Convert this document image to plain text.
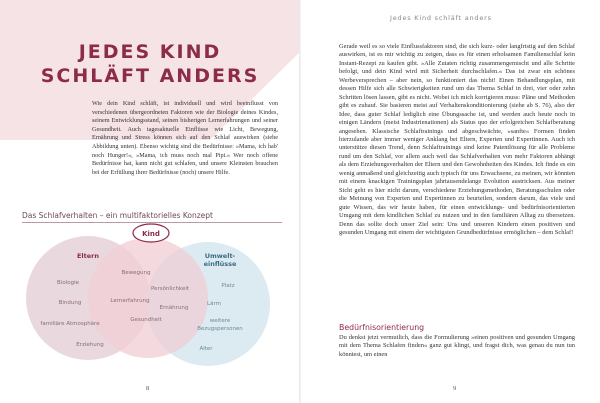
JEDES KIND
SCHLÄFT ANDERS

Wie dein Kind schläft, ist individuell und wird beeinflusst von verschiedenen übergeordneten Faktoren wie der Biologie deines Kindes, seinem Entwicklungsstand, seinen bisherigen Lernerfahrungen und seiner Gesundheit. Auch tagesaktuelle Einflüsse wie Licht, Bewegung, Ernährung und Stress können sich auf den Schlaf auswirken (siehe Abbildung unten). Ebenso wichtig sind die Bedürfnisse: »Mama, ich hab' noch Hunger!«, »Mama, ich muss noch mal Pipi.« Wer noch offene Bedürfnisse hat, kann nicht gut schlafen, und unsere Kleinsten brauchen bei der Erfüllung ihrer Bedürfnisse (noch) unsere Hilfe.

Das Schlafverhalten – ein multifaktorielles Konzept
Kind
Eltern	Umwelt-
einflüsse
Biologie
Bindung
familiäre Atmosphäre
Erziehung
Bewegung
Persönlichkeit
Lernerfahrung
Ernährung
Gesundheit
Platz
Lärm
weitere
Bezugspersonen
Alter
8
Jedes Kind schläft anders

Gerade weil es so viele Einflussfaktoren sind, die sich kurz- oder langfristig auf den Schlaf auswirken, ist es mir wichtig zu zeigen, dass es für einen erholsamen Familienschlaf kein Instant-Rezept zu kaufen gibt. »Alle Zutaten richtig zusammengemischt und alle Schritte befolgt, und dein Kind wird mit Sicherheit durchschlafen.« Das ist zwar ein schönes Werbeversprechen – aber nein, so funktioniert das nicht! Einen Behandlungsplan, mit dessen Hilfe sich alle Schwierigkeiten rund um das Thema Schlaf in drei, vier oder zehn Schritten lösen lassen, gibt es nicht. Wobei ich mich korrigieren muss: Pläne und Methoden gibt es zuhauf. Sie basieren meist auf Verhaltenskonditionierung (siehe ab S. 76), also der Idee, dass guter Schlaf lediglich eine Übungssache ist, und werden auch heute noch in einigen Ländern (meist Industrienationen) als Status quo der erfolgreichen Schlafberatung angesehen. Klassische Schlaftrainings und abgeschwächte, »sanfte« Formen finden hierzulande aber immer weniger Anklang bei Eltern, Experten und Expertinnen. Auch ich unterstütze diesen Trend, denn Schlaftrainings sind keine Patentlösung für alle Probleme rund um den Schlaf, vor allem auch weil das Schlafverhalten von mehr Faktoren abhängt als dem Erziehungsverhalten der Eltern und den Gewohnheiten des Kindes. Ich finde es ein wenig anmaßend und gleichzeitig auch typisch für uns Erwachsene, zu meinen, wir könnten mit einem knackigen Trainingsplan jahrtausendelange Evolution austricksen. Aus meiner Sicht geht es hier nicht darum, verschiedene Erziehungsmethoden, Beratungsschulen oder die Meinung von Experten und Expertinnen zu beurteilen, sondern darum, das viele und gute Wissen, das wir heute haben, für einen entwicklungs- und bedürfnisorientierten Umgang mit dem kindlichen Schlaf zu nutzen und in den familiären Alltag zu übersetzen. Denn das sollte doch unser Ziel sein: Uns und unseren Kindern einen positiven und gesunden Umgang mit einem der wichtigsten Grundbedürfnisse ermöglichen – dem Schlaf!

Bedürfnisorientierung

Du denkst jetzt vermutlich, dass die Formulierung »einen positiven und gesunden Umgang mit dem Thema Schlafen finden« ganz gut klingt, und fragst dich, was genau du nun tun könntest, um einen

9
